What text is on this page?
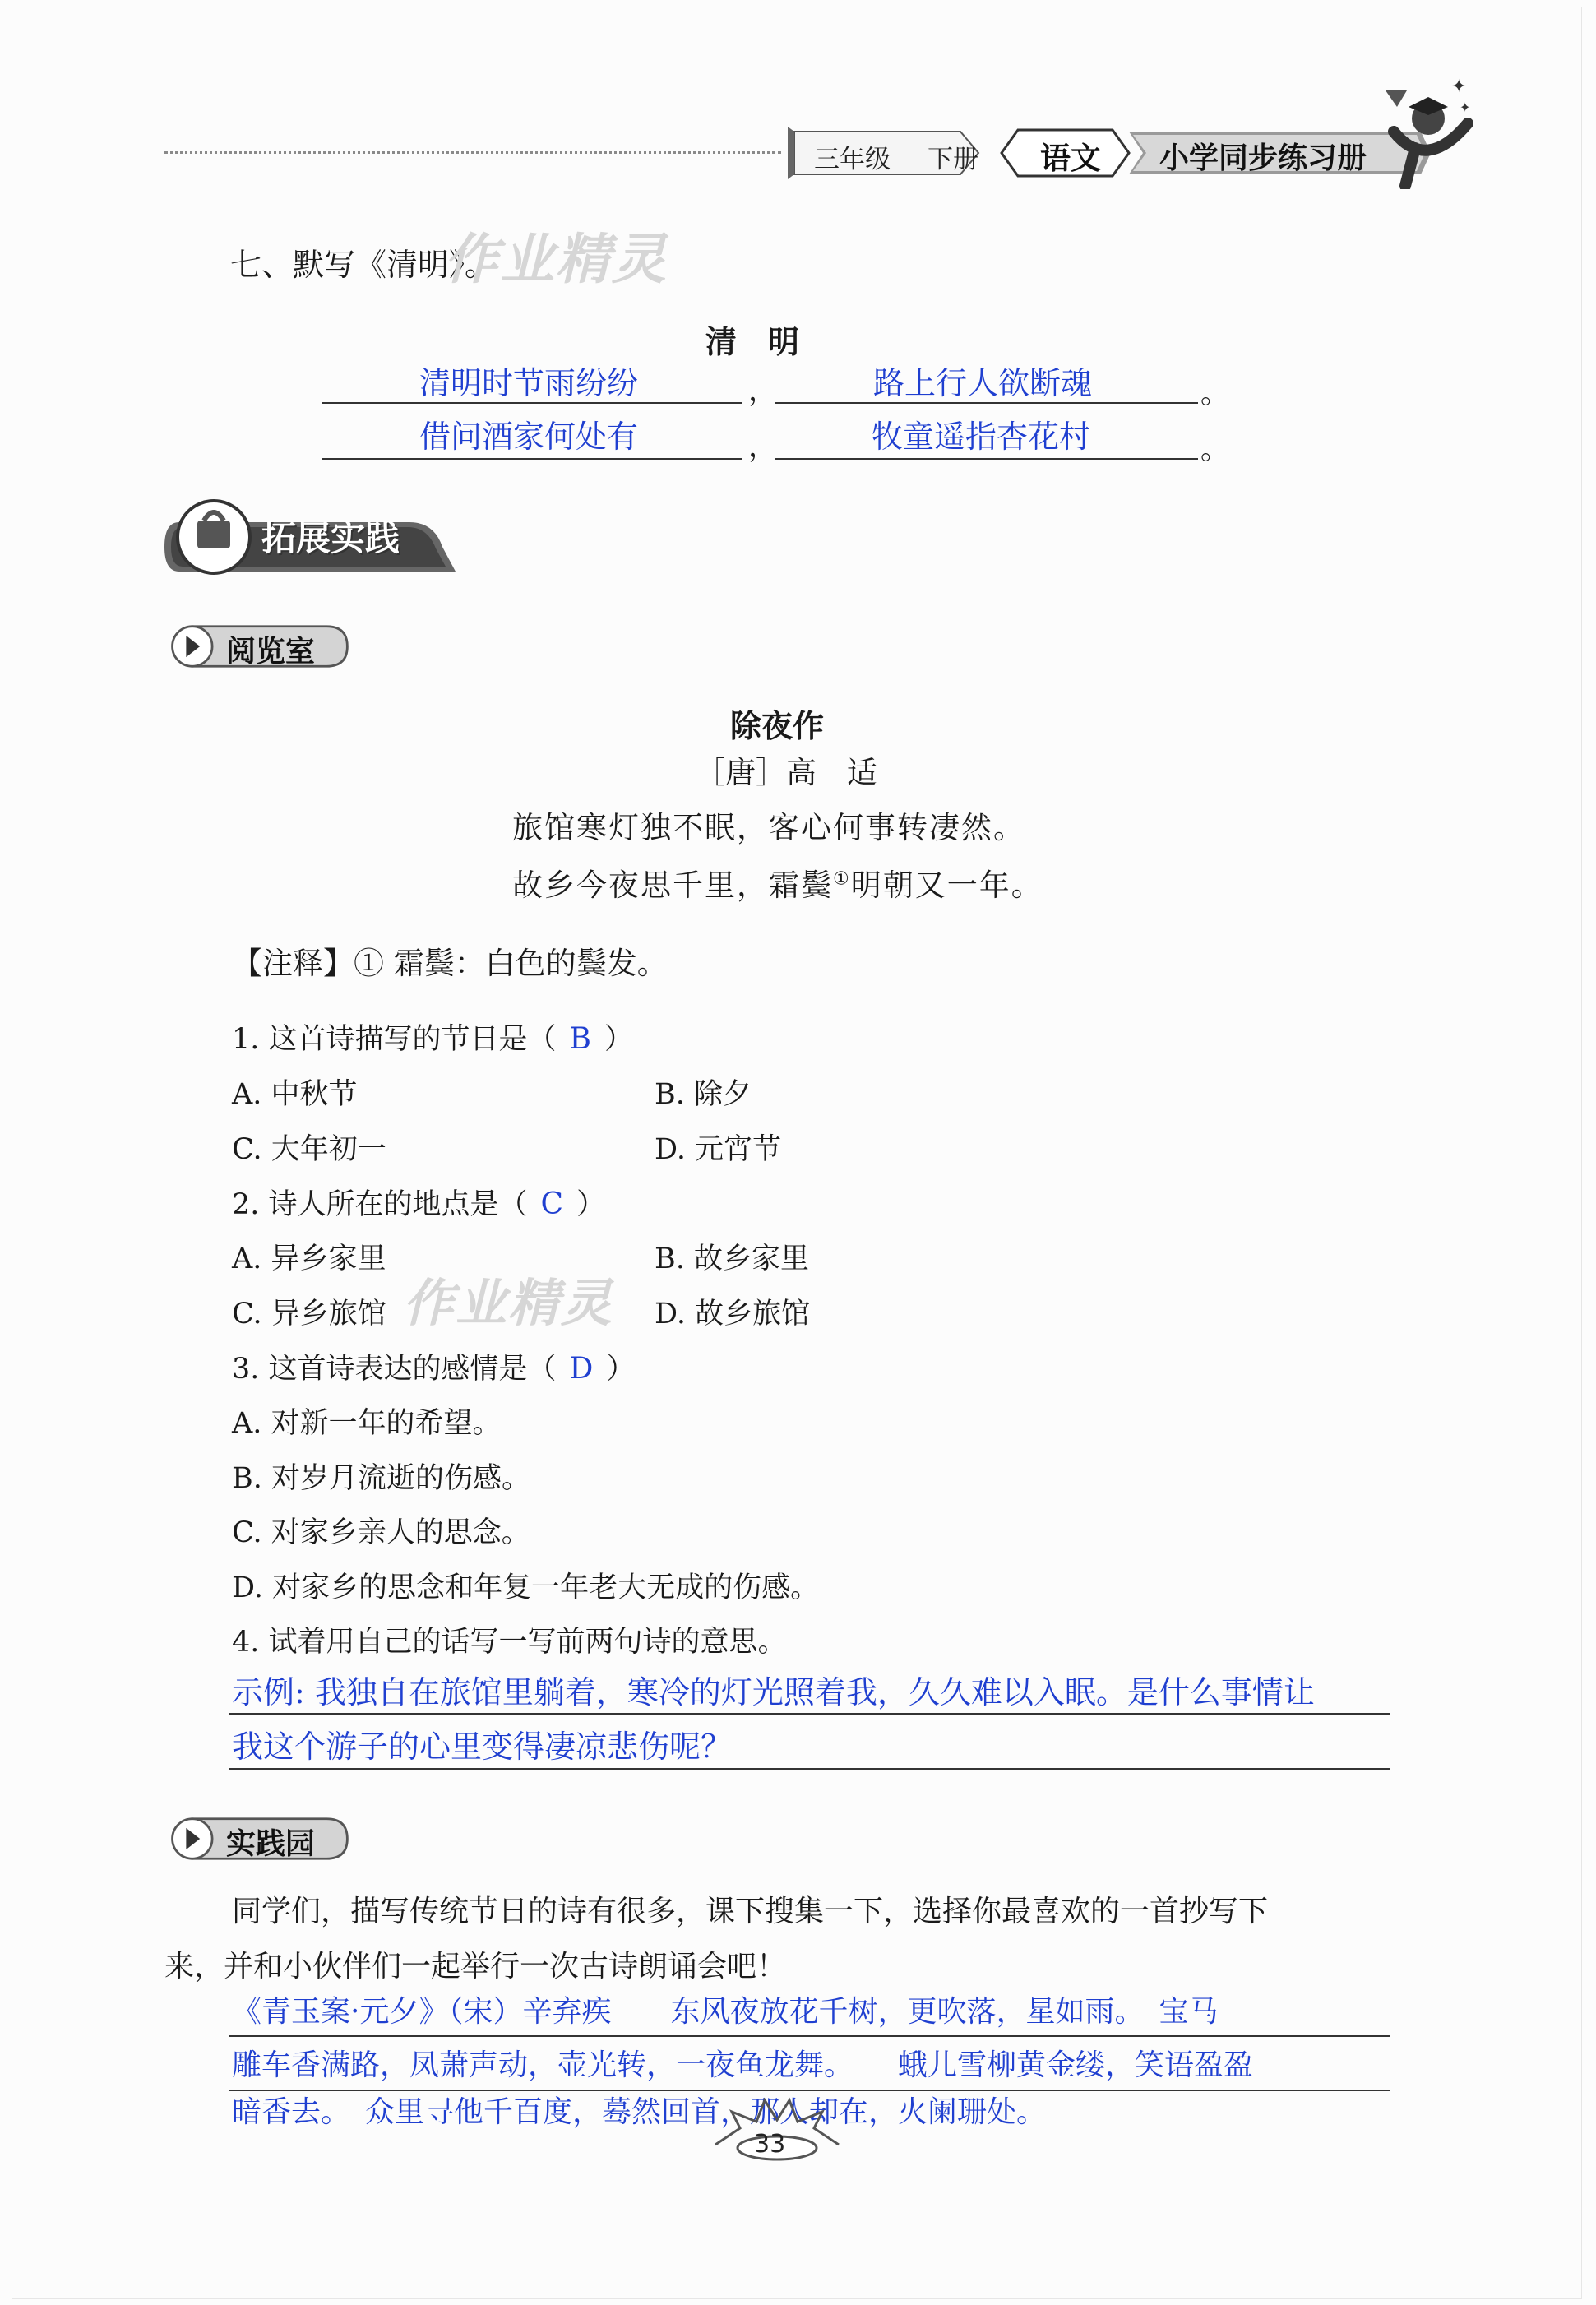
三年级 下册 语文 小学同步练习册
✦
✦
七、默写《清明》。
作业精灵
清　明
清明时节雨纷纷	，	路上行人欲断魂	。
借问酒家何处有	，	牧童遥指杏花村	。
拓展实践
阅览室
除夜作
［唐］高　适
旅馆寒灯独不眠，客心何事转凄然。
故乡今夜思千里，霜鬓①明朝又一年。
【注释】① 霜鬓：白色的鬓发。
1. 这首诗描写的节日是（ B ）
A. 中秋节	B. 除夕
C. 大年初一	D. 元宵节
2. 诗人所在的地点是（ C ）
A. 异乡家里	B. 故乡家里
作业精灵
C. 异乡旅馆	D. 故乡旅馆
3. 这首诗表达的感情是（ D ）
A. 对新一年的希望。
B. 对岁月流逝的伤感。
C. 对家乡亲人的思念。
D. 对家乡的思念和年复一年老大无成的伤感。
4. 试着用自己的话写一写前两句诗的意思。
示例: 我独自在旅馆里躺着，寒冷的灯光照着我，久久难以入眠。是什么事情让
我这个游子的心里变得凄凉悲伤呢？
实践园
同学们，描写传统节日的诗有很多，课下搜集一下，选择你最喜欢的一首抄写下
来，并和小伙伴们一起举行一次古诗朗诵会吧！
《青玉案·元夕》（宋）辛弃疾　　东风夜放花千树，更吹落，星如雨。　宝马
雕车香满路，凤萧声动，壶光转，一夜鱼龙舞。　　蛾儿雪柳黄金缕，笑语盈盈
暗香去。　众里寻他千百度，蓦然回首，那人却在，火阑珊处。
33
